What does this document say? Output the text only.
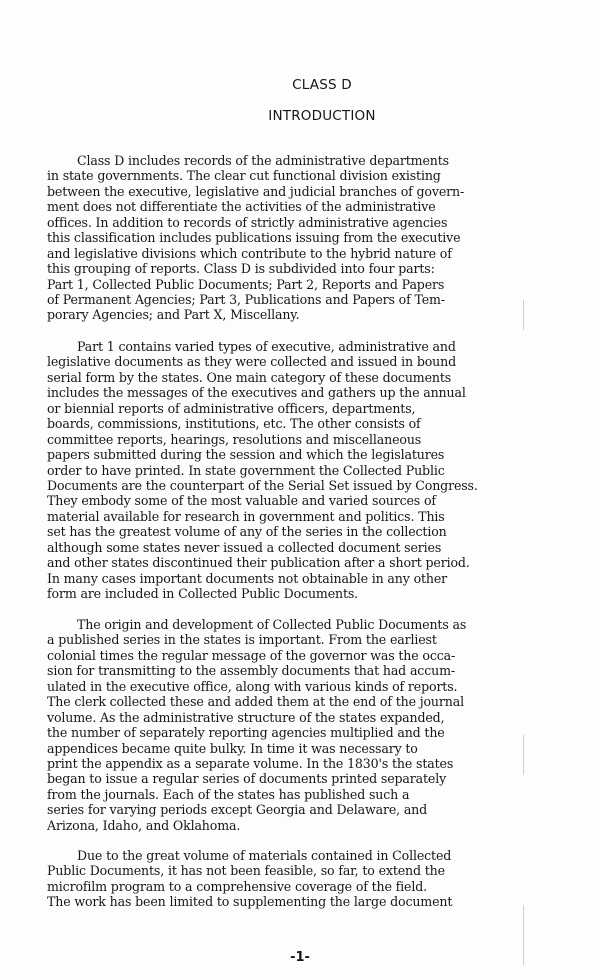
CLASS D
INTRODUCTION
Class D includes records of the administrative departments
in state governments. The clear cut functional division existing
between the executive, legislative and judicial branches of govern-
ment does not differentiate the activities of the administrative
offices. In addition to records of strictly administrative agencies
this classification includes publications issuing from the executive
and legislative divisions which contribute to the hybrid nature of
this grouping of reports. Class D is subdivided into four parts:
Part 1, Collected Public Documents; Part 2, Reports and Papers
of Permanent Agencies; Part 3, Publications and Papers of Tem-
porary Agencies; and Part X, Miscellany.
Part 1 contains varied types of executive, administrative and
legislative documents as they were collected and issued in bound
serial form by the states. One main category of these documents
includes the messages of the executives and gathers up the annual
or biennial reports of administrative officers, departments,
boards, commissions, institutions, etc. The other consists of
committee reports, hearings, resolutions and miscellaneous
papers submitted during the session and which the legislatures
order to have printed. In state government the Collected Public
Documents are the counterpart of the Serial Set issued by Congress.
They embody some of the most valuable and varied sources of
material available for research in government and politics. This
set has the greatest volume of any of the series in the collection
although some states never issued a collected document series
and other states discontinued their publication after a short period.
In many cases important documents not obtainable in any other
form are included in Collected Public Documents.
The origin and development of Collected Public Documents as
a published series in the states is important. From the earliest
colonial times the regular message of the governor was the occa-
sion for transmitting to the assembly documents that had accum-
ulated in the executive office, along with various kinds of reports.
The clerk collected these and added them at the end of the journal
volume. As the administrative structure of the states expanded,
the number of separately reporting agencies multiplied and the
appendices became quite bulky. In time it was necessary to
print the appendix as a separate volume. In the 1830's the states
began to issue a regular series of documents printed separately
from the journals. Each of the states has published such a
series for varying periods except Georgia and Delaware, and
Arizona, Idaho, and Oklahoma.
Due to the great volume of materials contained in Collected
Public Documents, it has not been feasible, so far, to extend the
microfilm program to a comprehensive coverage of the field.
The work has been limited to supplementing the large document
-1-
